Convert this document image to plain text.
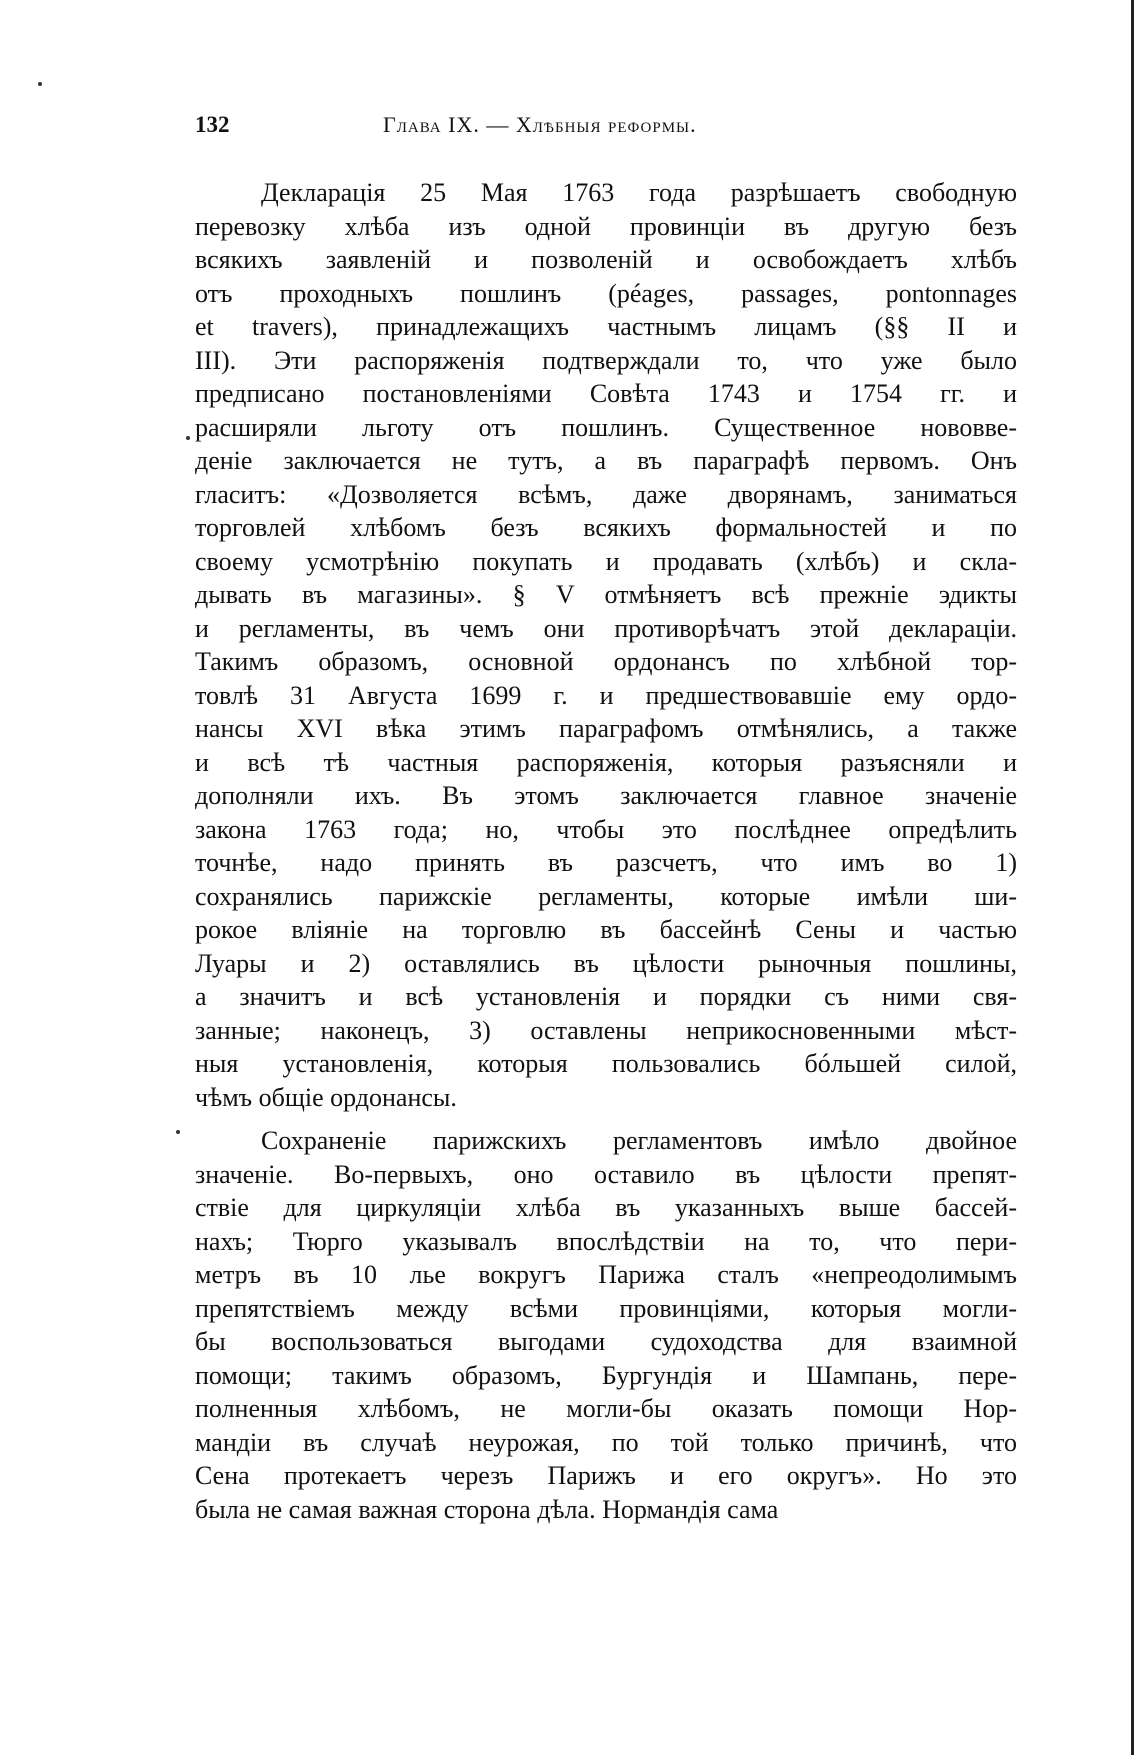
132	Глава IX. — Хлѣбныя реформы.
Декларація 25 Мая 1763 года разрѣшаетъ свободную
перевозку хлѣба изъ одной провинціи въ другую безъ
всякихъ заявленій и позволеній и освобождаетъ хлѣбъ
отъ проходныхъ пошлинъ (péages, passages, pontonnages
et travers), принадлежащихъ частнымъ лицамъ (§§ II и
III). Эти распоряженія подтверждали то, что уже было
предписано постановленіями Совѣта 1743 и 1754 гг. и
расширяли льготу отъ пошлинъ. Существенное нововве-
деніе заключается не тутъ, а въ параграфѣ первомъ. Онъ
гласитъ: «Дозволяется всѣмъ, даже дворянамъ, заниматься
торговлей хлѣбомъ безъ всякихъ формальностей и по
своему усмотрѣнію покупать и продавать (хлѣбъ) и скла-
дывать въ магазины». § V отмѣняетъ всѣ прежніе эдикты
и регламенты, въ чемъ они противорѣчатъ этой деклараціи.
Такимъ образомъ, основной ордонансъ по хлѣбной тор-
товлѣ 31 Августа 1699 г. и предшествовавшіе ему ордо-
нансы XVI вѣка этимъ параграфомъ отмѣнялись, а также
и всѣ тѣ частныя распоряженія, которыя разъясняли и
дополняли ихъ. Въ этомъ заключается главное значеніе
закона 1763 года; но, чтобы это послѣднее опредѣлить
точнѣе, надо принять въ разсчетъ, что имъ во 1)
сохранялись парижскіе регламенты, которые имѣли ши-
рокое вліяніе на торговлю въ бассейнѣ Сены и частью
Луары и 2) оставлялись въ цѣлости рыночныя пошлины,
а значитъ и всѣ установленія и порядки съ ними свя-
занные; наконецъ, 3) оставлены неприкосновенными мѣст-
ныя установленія, которыя пользовались бóльшей силой,
чѣмъ общіе ордонансы.
Сохраненіе парижскихъ регламентовъ имѣло двойное
значеніе. Во-первыхъ, оно оставило въ цѣлости препят-
ствіе для циркуляціи хлѣба въ указанныхъ выше бассей-
нахъ; Тюрго указывалъ впослѣдствіи на то, что пери-
метръ въ 10 лье вокругъ Парижа сталъ «непреодолимымъ
препятствіемъ между всѣми провинціями, которыя могли-
бы воспользоваться выгодами судоходства для взаимной
помощи; такимъ образомъ, Бургундія и Шампань, пере-
полненныя хлѣбомъ, не могли-бы оказать помощи Нор-
мандіи въ случаѣ неурожая, по той только причинѣ, что
Сена протекаетъ черезъ Парижъ и его округъ». Но это
была не самая важная сторона дѣла. Нормандія сама
